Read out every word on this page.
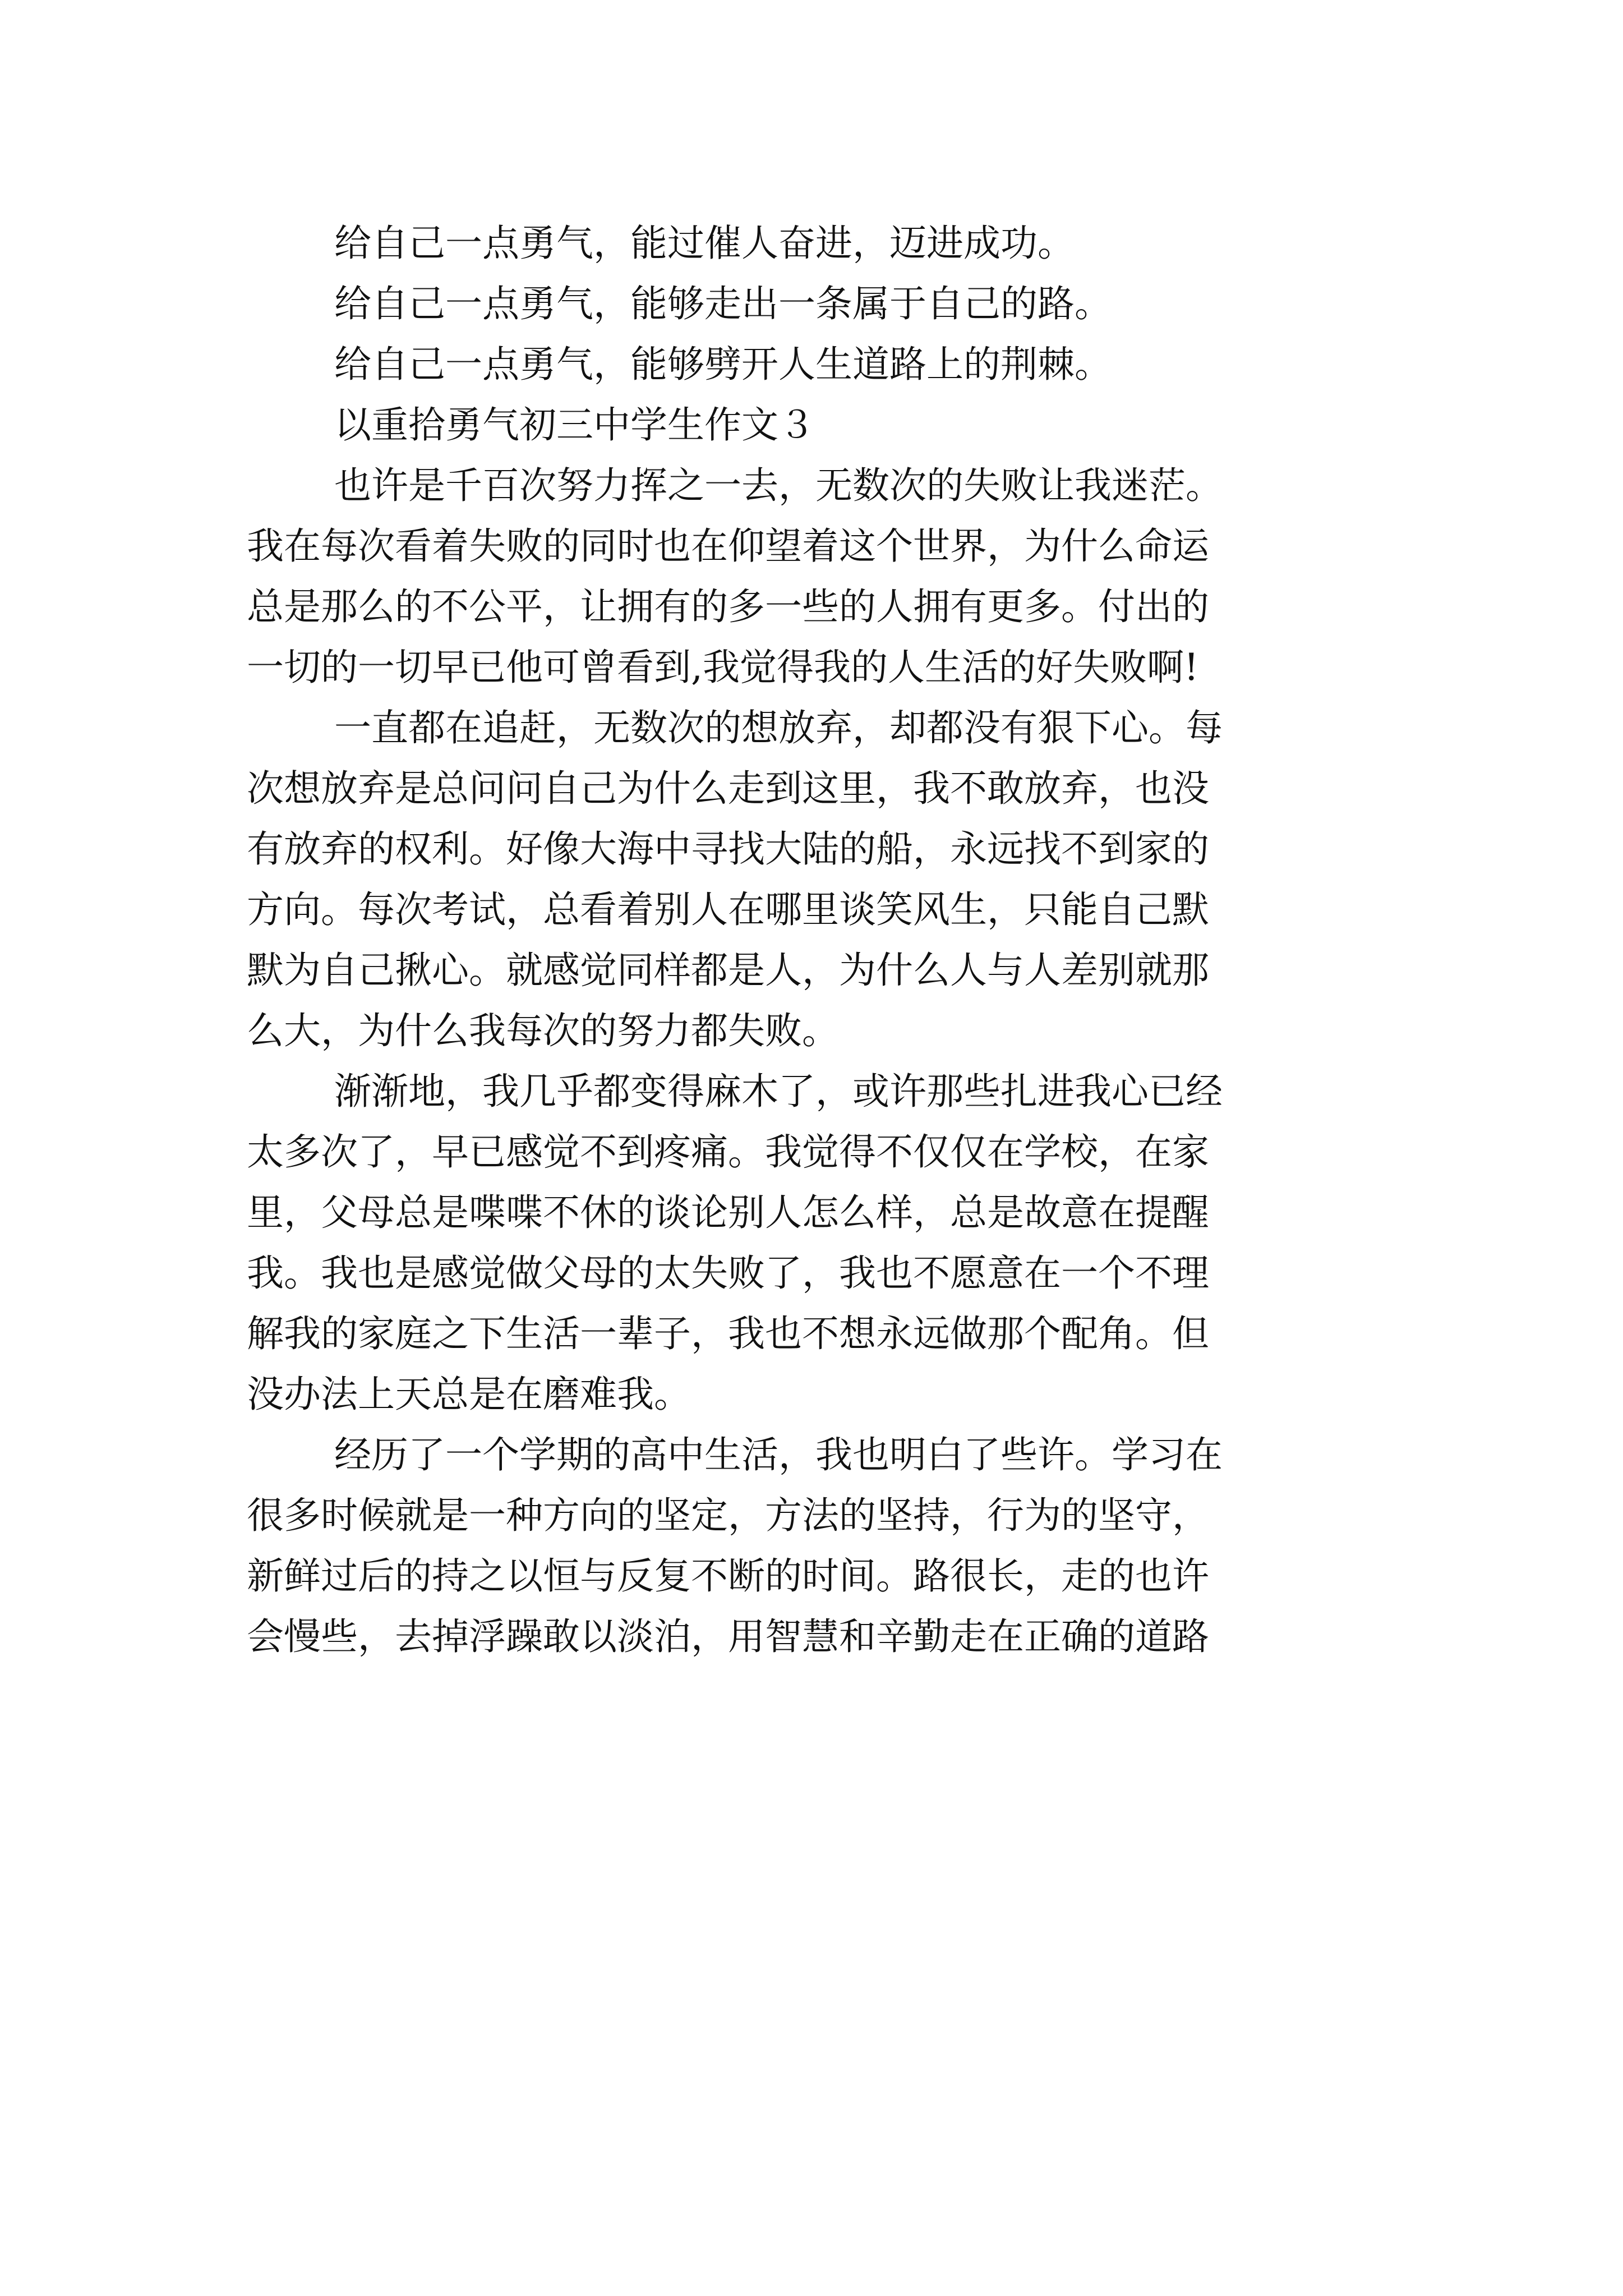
给自己一点勇气，能过催人奋进，迈进成功。
给自己一点勇气，能够走出一条属于自己的路。
给自己一点勇气，能够劈开人生道路上的荆棘。
以重拾勇气初三中学生作文３
也许是千百次努力挥之一去，无数次的失败让我迷茫。
我在每次看着失败的同时也在仰望着这个世界，为什么命运
总是那么的不公平，让拥有的多一些的人拥有更多。付出的
一切的一切早已他可曾看到,我觉得我的人生活的好失败啊!
一直都在追赶，无数次的想放弃，却都没有狠下心。每
次想放弃是总问问自己为什么走到这里，我不敢放弃，也没
有放弃的权利。好像大海中寻找大陆的船，永远找不到家的
方向。每次考试，总看着别人在哪里谈笑风生，只能自己默
默为自己揪心。就感觉同样都是人，为什么人与人差别就那
么大，为什么我每次的努力都失败。
渐渐地，我几乎都变得麻木了，或许那些扎进我心已经
太多次了，早已感觉不到疼痛。我觉得不仅仅在学校，在家
里，父母总是喋喋不休的谈论别人怎么样，总是故意在提醒
我。我也是感觉做父母的太失败了，我也不愿意在一个不理
解我的家庭之下生活一辈子，我也不想永远做那个配角。但
没办法上天总是在磨难我。
经历了一个学期的高中生活，我也明白了些许。学习在
很多时候就是一种方向的坚定，方法的坚持，行为的坚守，
新鲜过后的持之以恒与反复不断的时间。路很长，走的也许
会慢些，去掉浮躁敢以淡泊，用智慧和辛勤走在正确的道路
